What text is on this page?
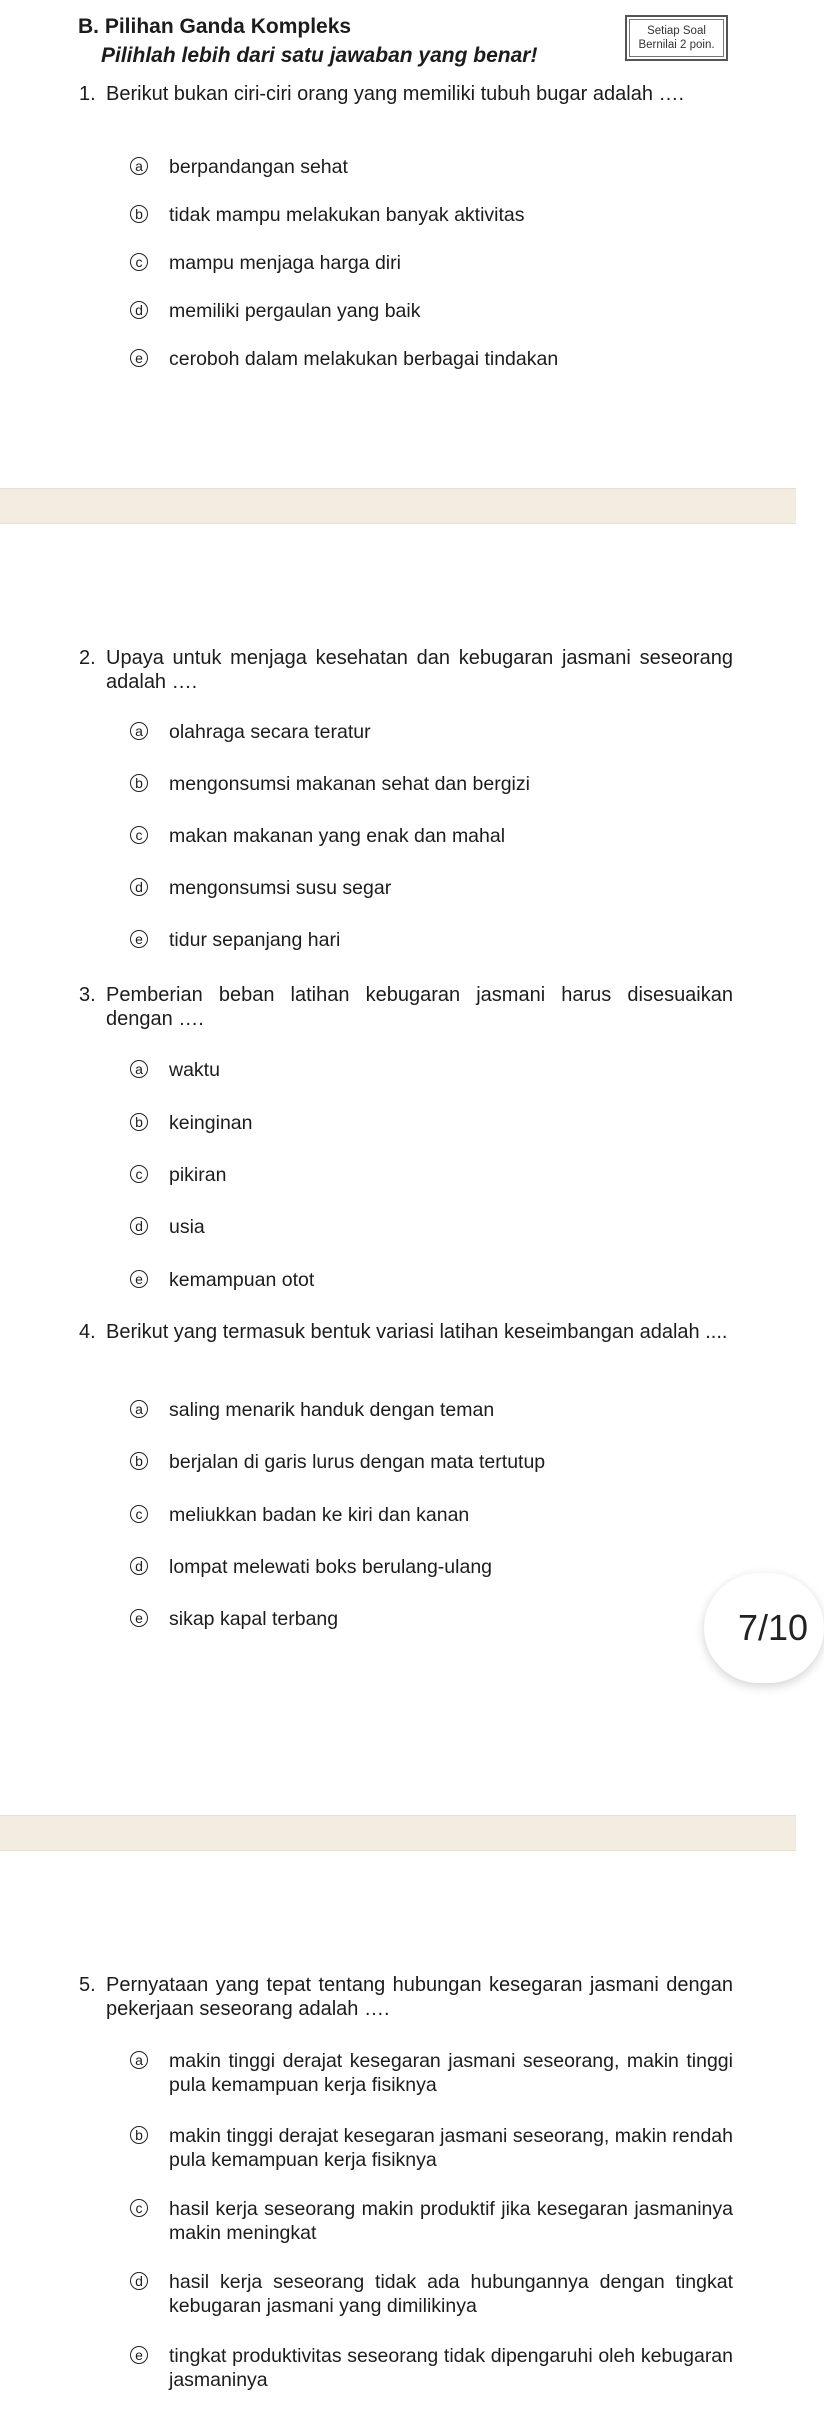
B. Pilihan Ganda Kompleks
Pilihlah lebih dari satu jawaban yang benar!
Setiap Soal
Bernilai 2 poin.
1. Berikut bukan ciri-ciri orang yang memiliki tubuh bugar adalah ….
a berpandangan sehat
b tidak mampu melakukan banyak aktivitas
c mampu menjaga harga diri
d memiliki pergaulan yang baik
e ceroboh dalam melakukan berbagai tindakan
2. Upaya untuk menjaga kesehatan dan kebugaran jasmani seseorang adalah ….
a olahraga secara teratur
b mengonsumsi makanan sehat dan bergizi
c makan makanan yang enak dan mahal
d mengonsumsi susu segar
e tidur sepanjang hari
3. Pemberian beban latihan kebugaran jasmani harus disesuaikan dengan ….
a waktu
b keinginan
c pikiran
d usia
e kemampuan otot
4. Berikut yang termasuk bentuk variasi latihan keseimbangan adalah ....
a saling menarik handuk dengan teman
b berjalan di garis lurus dengan mata tertutup
c meliukkan badan ke kiri dan kanan
d lompat melewati boks berulang-ulang
e sikap kapal terbang	7/10
5. Pernyataan yang tepat tentang hubungan kesegaran jasmani dengan pekerjaan seseorang adalah ….
a makin tinggi derajat kesegaran jasmani seseorang, makin tinggi pula kemampuan kerja fisiknya
b makin tinggi derajat kesegaran jasmani seseorang, makin rendah pula kemampuan kerja fisiknya
c hasil kerja seseorang makin produktif jika kesegaran jasmaninya makin meningkat
d hasil kerja seseorang tidak ada hubungannya dengan tingkat kebugaran jasmani yang dimilikinya
e tingkat produktivitas seseorang tidak dipengaruhi oleh kebugaran jasmaninya
